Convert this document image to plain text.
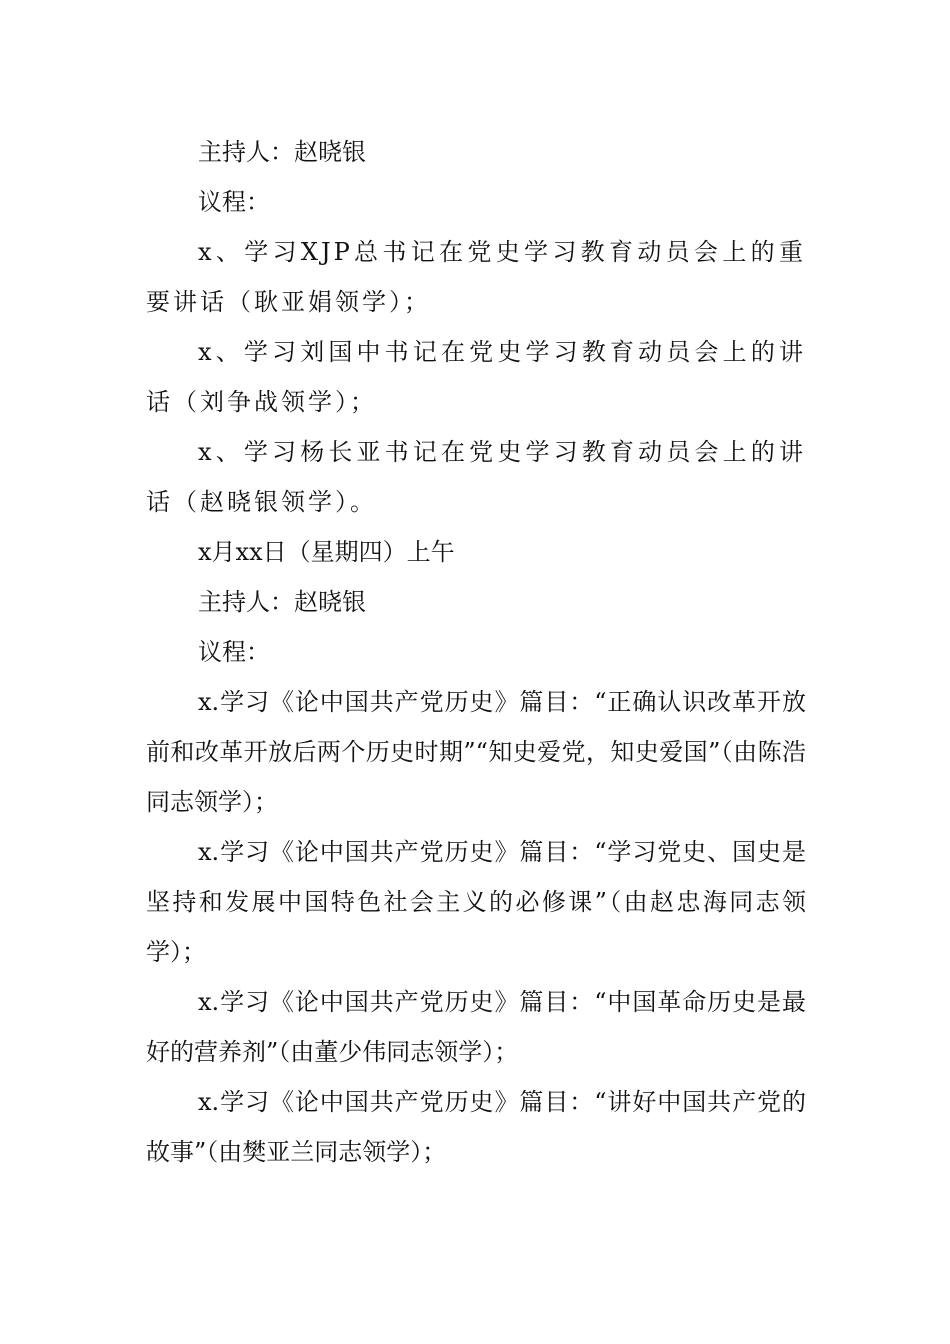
主持人：赵晓银

议程：

x、学习XJP总书记在党史学习教育动员会上的重要讲话（耿亚娟领学）；

x、学习刘国中书记在党史学习教育动员会上的讲话（刘争战领学）；

x、学习杨长亚书记在党史学习教育动员会上的讲话（赵晓银领学）。

x月xx日（星期四）上午

主持人：赵晓银

议程：

x.学习《论中国共产党历史》篇目：“正确认识改革开放前和改革开放后两个历史时期”“知史爱党，知史爱国”（由陈浩同志领学）；

x.学习《论中国共产党历史》篇目：“学习党史、国史是坚持和发展中国特色社会主义的必修课”（由赵忠海同志领学）；

x.学习《论中国共产党历史》篇目：“中国革命历史是最好的营养剂”（由董少伟同志领学）；

x.学习《论中国共产党历史》篇目：“讲好中国共产党的故事”（由樊亚兰同志领学）；
